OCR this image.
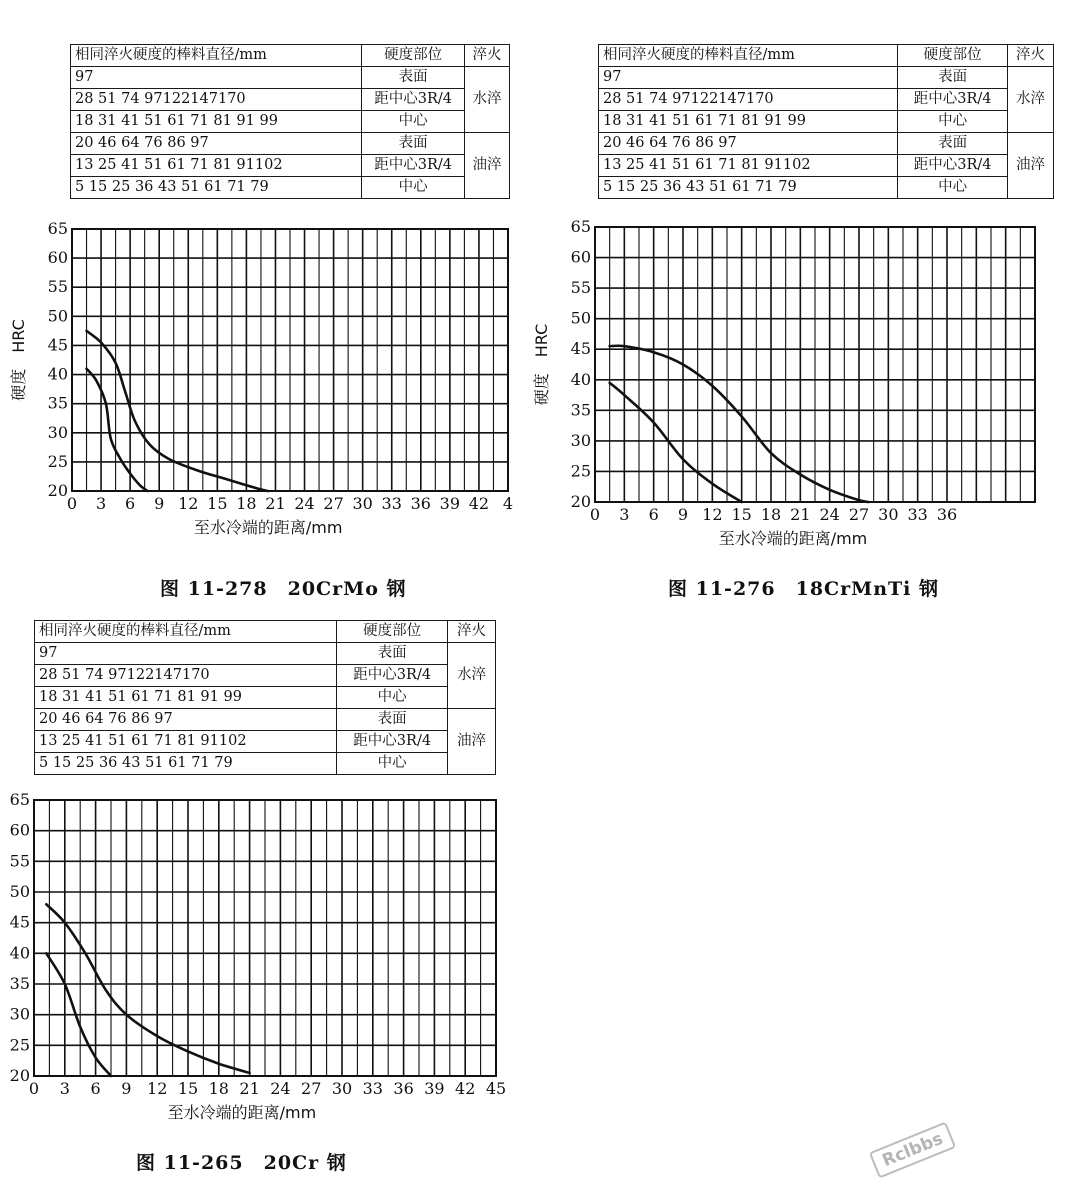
相同淬火硬度的棒料直径/mm	硬度部位	淬火
97	表面	水淬
28 51 74 97122147170	距中心3R/4	
18 31 41 51 61 71 81 91 99	中心	
20 46 64 76 86 97	表面	油淬
13 25 41 51 61 71 81 91102	距中心3R/4	
5 15 25 36 43 51 61 71 79	中心	
20
25
30
35
40
45
50
55
60
65
0 3 6 9 12 15 18 21 24 27 30 33 36 39 42 4
至水冷端的距离/mm
硬度　HRC
图 11-278　20CrMo 钢
相同淬火硬度的棒料直径/mm	硬度部位	淬火
97	表面	水淬
28 51 74 97122147170	距中心3R/4	
18 31 41 51 61 71 81 91 99	中心	
20 46 64 76 86 97	表面	油淬
13 25 41 51 61 71 81 91102	距中心3R/4	
5 15 25 36 43 51 61 71 79	中心	
20
25
30
35
40
45
50
55
60
65
0 3 6 9 12 15 18 21 24 27 30 33 36
至水冷端的距离/mm
硬度　HRC
图 11-276　18CrMnTi 钢
相同淬火硬度的棒料直径/mm	硬度部位	淬火
97	表面	水淬
28 51 74 97122147170	距中心3R/4	
18 31 41 51 61 71 81 91 99	中心	
20 46 64 76 86 97	表面	油淬
13 25 41 51 61 71 81 91102	距中心3R/4	
5 15 25 36 43 51 61 71 79	中心	
20
25
30
35
40
45
50
55
60
65
0 3 6 9 12 15 18 21 24 27 30 33 36 39 42 45
至水冷端的距离/mm
图 11-265　20Cr 钢	Rclbbs
